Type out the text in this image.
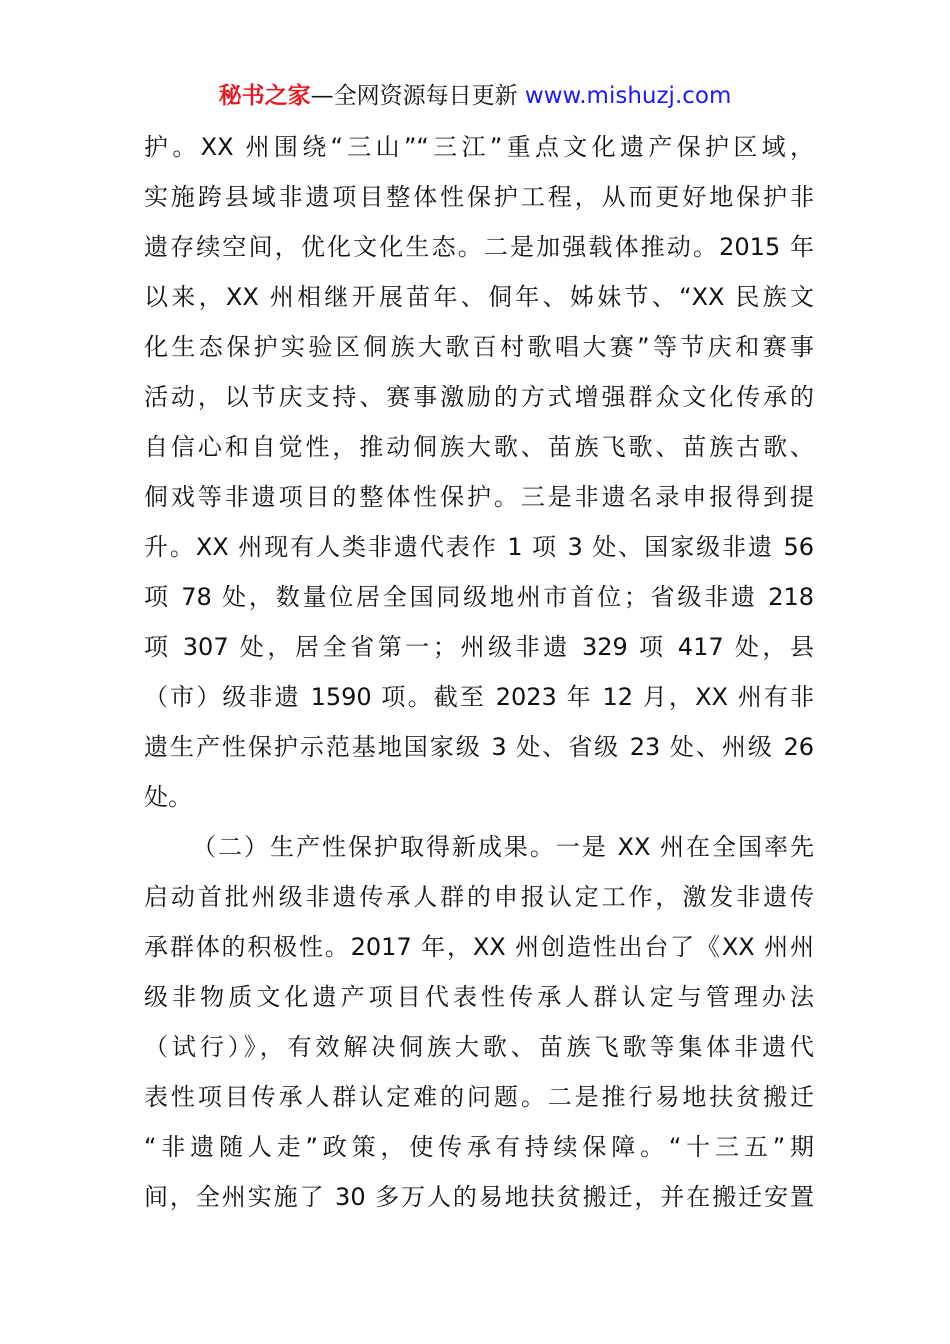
秘书之家—全网资源每日更新 www.mishuzj.com
护。XX 州围绕“三山”“三江”重点文化遗产保护区域，
实施跨县域非遗项目整体性保护工程，从而更好地保护非
遗存续空间，优化文化生态。二是加强载体推动。2015 年
以来，XX 州相继开展苗年、侗年、姊妹节、“XX 民族文
化生态保护实验区侗族大歌百村歌唱大赛”等节庆和赛事
活动，以节庆支持、赛事激励的方式增强群众文化传承的
自信心和自觉性，推动侗族大歌、苗族飞歌、苗族古歌、
侗戏等非遗项目的整体性保护。三是非遗名录申报得到提
升。XX 州现有人类非遗代表作 1 项 3 处、国家级非遗 56
项 78 处，数量位居全国同级地州市首位；省级非遗 218
项 307 处，居全省第一；州级非遗 329 项 417 处，县
（市）级非遗 1590 项。截至 2023 年 12 月，XX 州有非
遗生产性保护示范基地国家级 3 处、省级 23 处、州级 26
处。
（二）生产性保护取得新成果。一是 XX 州在全国率先
启动首批州级非遗传承人群的申报认定工作，激发非遗传
承群体的积极性。2017 年，XX 州创造性出台了《XX 州州
级非物质文化遗产项目代表性传承人群认定与管理办法
（试行）》，有效解决侗族大歌、苗族飞歌等集体非遗代
表性项目传承人群认定难的问题。二是推行易地扶贫搬迁
“非遗随人走”政策，使传承有持续保障。“十三五”期
间，全州实施了 30 多万人的易地扶贫搬迁，并在搬迁安置
